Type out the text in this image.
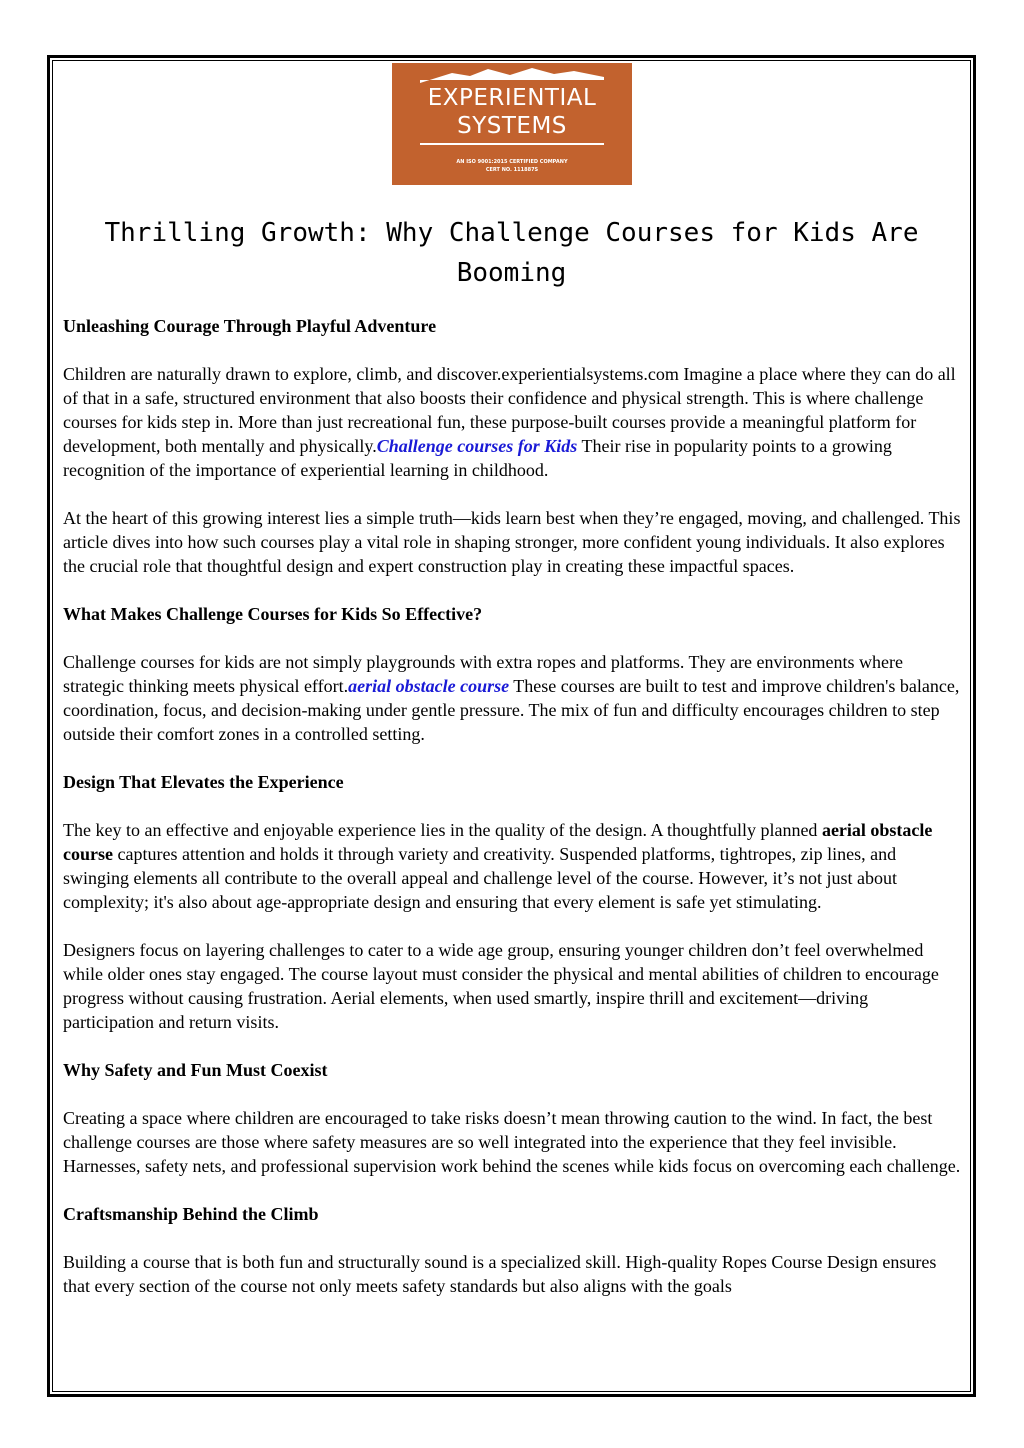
EXPERIENTIAL
SYSTEMS
AN ISO 9001:2015 CERTIFIED COMPANY
CERT NO. 111887S
Thrilling Growth: Why Challenge Courses for Kids Are Booming
Unleashing Courage Through Playful Adventure

Children are naturally drawn to explore, climb, and discover.experientialsystems.com Imagine a place where they can do all of that in a safe, structured environment that also boosts their confidence and physical strength. This is where challenge courses for kids step in. More than just recreational fun, these purpose-built courses provide a meaningful platform for development, both mentally and physically.Challenge courses for Kids Their rise in popularity points to a growing recognition of the importance of experiential learning in childhood.

At the heart of this growing interest lies a simple truth—kids learn best when they’re engaged, moving, and challenged. This article dives into how such courses play a vital role in shaping stronger, more confident young individuals. It also explores the crucial role that thoughtful design and expert construction play in creating these impactful spaces.

What Makes Challenge Courses for Kids So Effective?

Challenge courses for kids are not simply playgrounds with extra ropes and platforms. They are environments where strategic thinking meets physical effort.aerial obstacle course These courses are built to test and improve children's balance, coordination, focus, and decision-making under gentle pressure. The mix of fun and difficulty encourages children to step outside their comfort zones in a controlled setting.

Design That Elevates the Experience

The key to an effective and enjoyable experience lies in the quality of the design. A thoughtfully planned aerial obstacle course captures attention and holds it through variety and creativity. Suspended platforms, tightropes, zip lines, and swinging elements all contribute to the overall appeal and challenge level of the course. However, it’s not just about complexity; it's also about age-appropriate design and ensuring that every element is safe yet stimulating.

Designers focus on layering challenges to cater to a wide age group, ensuring younger children don’t feel overwhelmed while older ones stay engaged. The course layout must consider the physical and mental abilities of children to encourage progress without causing frustration. Aerial elements, when used smartly, inspire thrill and excitement—driving participation and return visits.

Why Safety and Fun Must Coexist

Creating a space where children are encouraged to take risks doesn’t mean throwing caution to the wind. In fact, the best challenge courses are those where safety measures are so well integrated into the experience that they feel invisible. Harnesses, safety nets, and professional supervision work behind the scenes while kids focus on overcoming each challenge.

Craftsmanship Behind the Climb

Building a course that is both fun and structurally sound is a specialized skill. High-quality Ropes Course Design ensures that every section of the course not only meets safety standards but also aligns with the goals
